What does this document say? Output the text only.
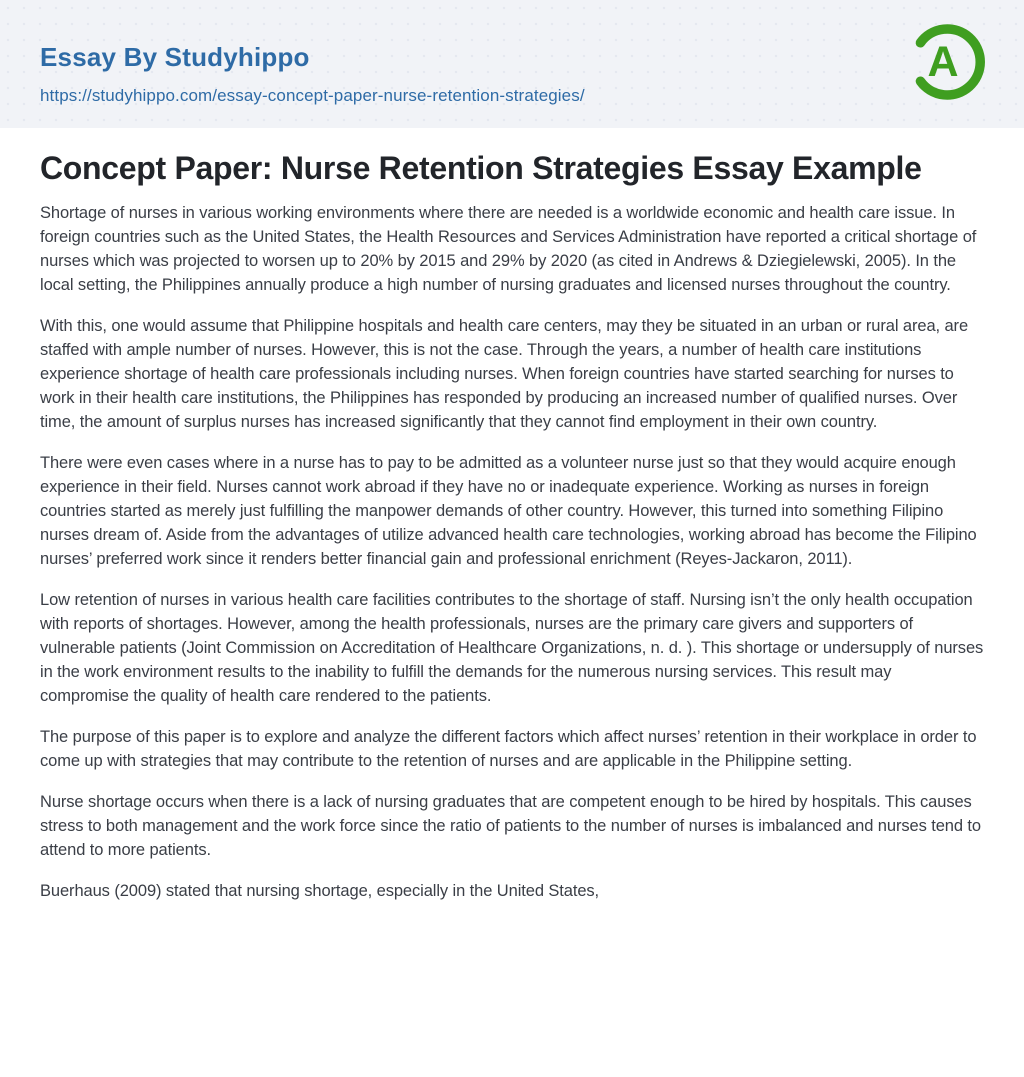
Essay By Studyhippo
https://studyhippo.com/essay-concept-paper-nurse-retention-strategies/
A
Concept Paper: Nurse Retention Strategies Essay Example

Shortage of nurses in various working environments where there are needed is a worldwide economic and health care issue. In foreign countries such as the United States, the Health Resources and Services Administration have reported a critical shortage of nurses which was projected to worsen up to 20% by 2015 and 29% by 2020 (as cited in Andrews & Dziegielewski, 2005). In the local setting, the Philippines annually produce a high number of nursing graduates and licensed nurses throughout the country.

With this, one would assume that Philippine hospitals and health care centers, may they be situated in an urban or rural area, are staffed with ample number of nurses. However, this is not the case. Through the years, a number of health care institutions experience shortage of health care professionals including nurses. When foreign countries have started searching for nurses to work in their health care institutions, the Philippines has responded by producing an increased number of qualified nurses. Over time, the amount of surplus nurses has increased significantly that they cannot find employment in their own country.

There were even cases where in a nurse has to pay to be admitted as a volunteer nurse just so that they would acquire enough experience in their field. Nurses cannot work abroad if they have no or inadequate experience. Working as nurses in foreign countries started as merely just fulfilling the manpower demands of other country. However, this turned into something Filipino nurses dream of. Aside from the advantages of utilize advanced health care technologies, working abroad has become the Filipino nurses’ preferred work since it renders better financial gain and professional enrichment (Reyes-Jackaron, 2011).

Low retention of nurses in various health care facilities contributes to the shortage of staff. Nursing isn’t the only health occupation with reports of shortages. However, among the health professionals, nurses are the primary care givers and supporters of vulnerable patients (Joint Commission on Accreditation of Healthcare Organizations, n. d. ). This shortage or undersupply of nurses in the work environment results to the inability to fulfill the demands for the numerous nursing services. This result may compromise the quality of health care rendered to the patients.

The purpose of this paper is to explore and analyze the different factors which affect nurses’ retention in their workplace in order to come up with strategies that may contribute to the retention of nurses and are applicable in the Philippine setting.

Nurse shortage occurs when there is a lack of nursing graduates that are competent enough to be hired by hospitals. This causes stress to both management and the work force since the ratio of patients to the number of nurses is imbalanced and nurses tend to attend to more patients.

Buerhaus (2009) stated that nursing shortage, especially in the United States,
